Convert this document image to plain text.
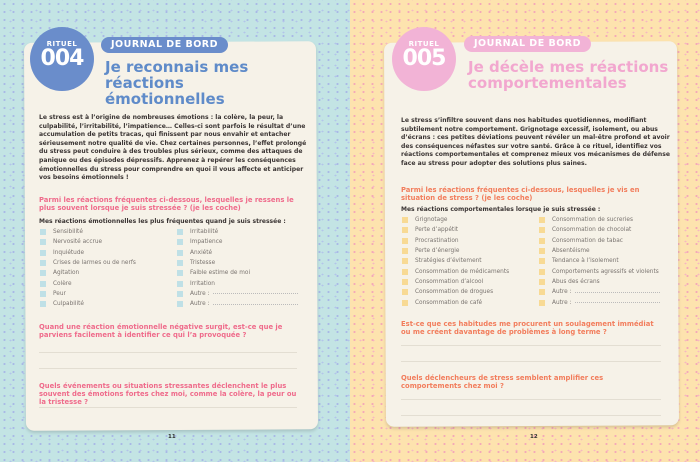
RITUEL
004
JOURNAL DE BORD
Je reconnais mes réactions émotionnelles
Le stress est à l’origine de nombreuses émotions : la colère, la peur, la culpabilité, l’irritabilité, l’impatience… Celles-ci sont parfois le résultat d’une accumulation de petits tracas, qui finissent par nous envahir et entacher sérieusement notre qualité de vie. Chez certaines personnes, l’effet prolongé du stress peut conduire à des troubles plus sérieux, comme des attaques de panique ou des épisodes dépressifs. Apprenez à repérer les conséquences émotionnelles du stress pour comprendre en quoi il vous affecte et anticiper vos besoins émotionnels !
Parmi les réactions fréquentes ci-dessous, lesquelles je ressens le plus souvent lorsque je suis stressée ? (je les coche)
Mes réactions émotionnelles les plus fréquentes quand je suis stressée :
Sensibilité
Nervosité accrue
Inquiétude
Crises de larmes ou de nerfs
Agitation
Colère
Peur
Culpabilité
Irritabilité
Impatience
Anxiété
Tristesse
Faible estime de moi
Irritation
Autre :
Autre :
Quand une réaction émotionnelle négative surgit, est-ce que je parviens facilement à identifier ce qui l’a provoquée ?
Quels événements ou situations stressantes déclenchent le plus souvent des émotions fortes chez moi, comme la colère, la peur ou la tristesse ?
11
RITUEL
005
JOURNAL DE BORD
Je décèle mes réactions comportementales
Le stress s’infiltre souvent dans nos habitudes quotidiennes, modifiant subtilement notre comportement. Grignotage excessif, isolement, ou abus d’écrans : ces petites déviations peuvent révéler un mal-être profond et avoir des conséquences néfastes sur votre santé. Grâce à ce rituel, identifiez vos réactions comportementales et comprenez mieux vos mécanismes de défense face au stress pour adopter des solutions plus saines.
Parmi les réactions fréquentes ci-dessous, lesquelles je vis en situation de stress ? (je les coche)
Mes réactions comportementales lorsque je suis stressée :
Grignotage
Perte d’appétit
Procrastination
Perte d’énergie
Stratégies d’évitement
Consommation de médicaments
Consommation d’alcool
Consommation de drogues
Consommation de café
Consommation de sucreries
Consommation de chocolat
Consommation de tabac
Absentéisme
Tendance à l’isolement
Comportements agressifs et violents
Abus des écrans
Autre :
Autre :
Est-ce que ces habitudes me procurent un soulagement immédiat ou me créent davantage de problèmes à long terme ?
Quels déclencheurs de stress semblent amplifier ces comportements chez moi ?
12
